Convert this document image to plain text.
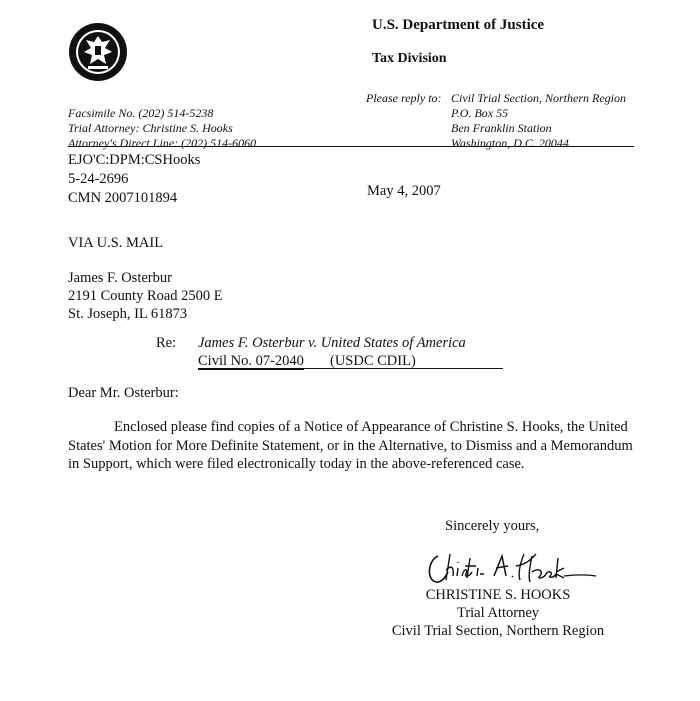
U.S. Department of Justice
Tax Division
Facsimile No. (202) 514-5238
Trial Attorney: Christine S. Hooks
Attorney's Direct Line: (202) 514-6060
Please reply to: Civil Trial Section, Northern Region
P.O. Box 55
Ben Franklin Station
Washington, D.C. 20044
EJO'C:DPM:CSHooks
5-24-2696
CMN 2007101894	May 4, 2007
VIA U.S. MAIL
James F. Osterbur
2191 County Road 2500 E
St. Joseph, IL 61873
Re: James F. Osterbur v. United States of America
Civil No. 07-2040 (USDC CDIL)
Dear Mr. Osterbur:
Enclosed please find copies of a Notice of Appearance of Christine S. Hooks, the United States' Motion for More Definite Statement, or in the Alternative, to Dismiss and a Memorandum in Support, which were filed electronically today in the above-referenced case.
Sincerely yours,
CHRISTINE S. HOOKS
Trial Attorney
Civil Trial Section, Northern Region
